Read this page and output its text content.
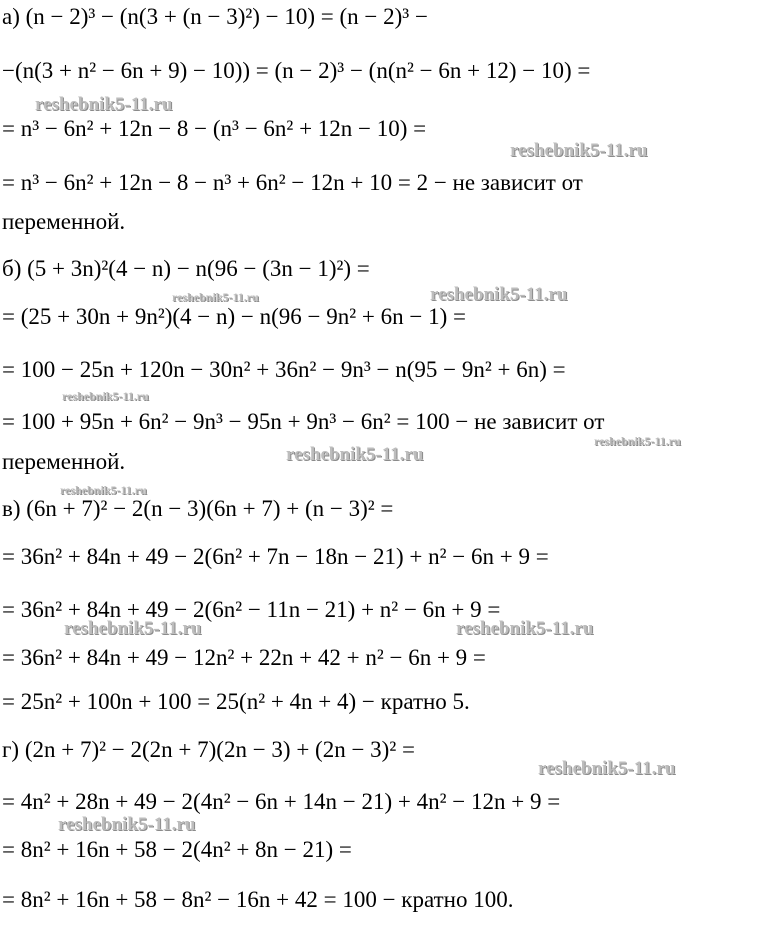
а) (n − 2)³ − (n(3 + (n − 3)²) − 10) = (n − 2)³ −
−(n(3 + n² − 6n + 9) − 10)) = (n − 2)³ − (n(n² − 6n + 12) − 10) =
= n³ − 6n² + 12n − 8 − (n³ − 6n² + 12n − 10) =
= n³ − 6n² + 12n − 8 − n³ + 6n² − 12n + 10 = 2 − не зависит от
переменной.
б) (5 + 3n)²(4 − n) − n(96 − (3n − 1)²) =
= (25 + 30n + 9n²)(4 − n) − n(96 − 9n² + 6n − 1) =
= 100 − 25n + 120n − 30n² + 36n² − 9n³ − n(95 − 9n² + 6n) =
= 100 + 95n + 6n² − 9n³ − 95n + 9n³ − 6n² = 100 − не зависит от
переменной.
в) (6n + 7)² − 2(n − 3)(6n + 7) + (n − 3)² =
= 36n² + 84n + 49 − 2(6n² + 7n − 18n − 21) + n² − 6n + 9 =
= 36n² + 84n + 49 − 2(6n² − 11n − 21) + n² − 6n + 9 =
= 36n² + 84n + 49 − 12n² + 22n + 42 + n² − 6n + 9 =
= 25n² + 100n + 100 = 25(n² + 4n + 4) − кратно 5.
г) (2n + 7)² − 2(2n + 7)(2n − 3) + (2n − 3)² =
= 4n² + 28n + 49 − 2(4n² − 6n + 14n − 21) + 4n² − 12n + 9 =
= 8n² + 16n + 58 − 2(4n² + 8n − 21) =
= 8n² + 16n + 58 − 8n² − 16n + 42 = 100 − кратно 100.
reshebnik5-11.ru
reshebnik5-11.ru
reshebnik5-11.ru	reshebnik5-11.ru
reshebnik5-11.ru
reshebnik5-11.ru
reshebnik5-11.ru
reshebnik5-11.ru
reshebnik5-11.ru	reshebnik5-11.ru
reshebnik5-11.ru
reshebnik5-11.ru
